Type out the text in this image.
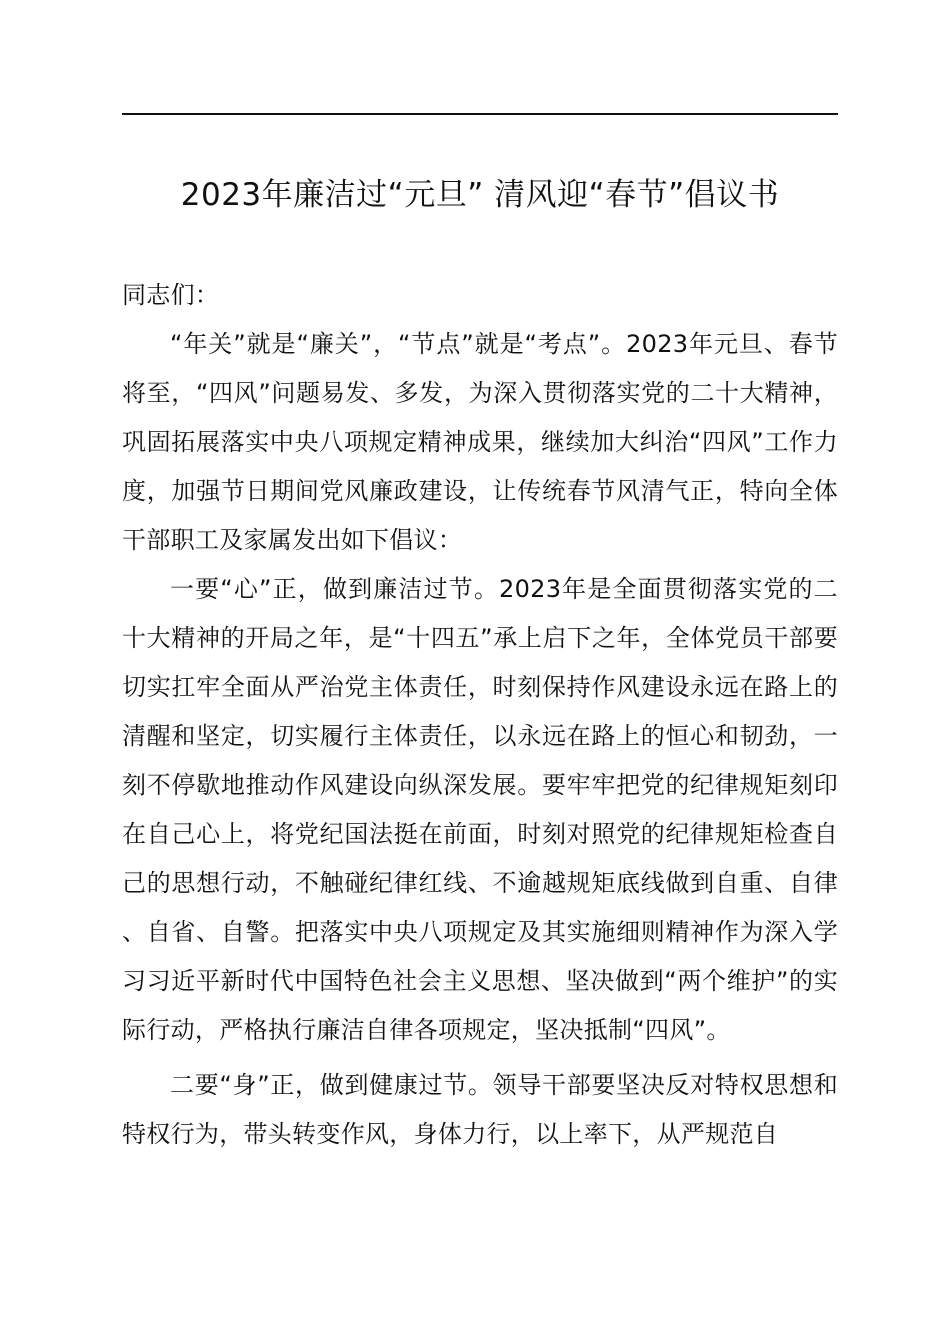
2023年廉洁过“元旦” 清风迎“春节”倡议书

同志们：

“年关”就是“廉关”，“节点”就是“考点”。2023年元旦、春节将至，“四风”问题易发、多发，为深入贯彻落实党的二十大精神，巩固拓展落实中央八项规定精神成果，继续加大纠治“四风”工作力度，加强节日期间党风廉政建设，让传统春节风清气正，特向全体干部职工及家属发出如下倡议：

一要“心”正，做到廉洁过节。2023年是全面贯彻落实党的二十大精神的开局之年，是“十四五”承上启下之年，全体党员干部要切实扛牢全面从严治党主体责任，时刻保持作风建设永远在路上的清醒和坚定，切实履行主体责任，以永远在路上的恒心和韧劲，一刻不停歇地推动作风建设向纵深发展。要牢牢把党的纪律规矩刻印在自己心上，将党纪国法挺在前面，时刻对照党的纪律规矩检查自己的思想行动，不触碰纪律红线、不逾越规矩底线做到自重、自律、自省、自警。把落实中央八项规定及其实施细则精神作为深入学习习近平新时代中国特色社会主义思想、坚决做到“两个维护”的实际行动，严格执行廉洁自律各项规定，坚决抵制“四风”。

二要“身”正，做到健康过节。领导干部要坚决反对特权思想和特权行为，带头转变作风，身体力行，以上率下，从严规范自
